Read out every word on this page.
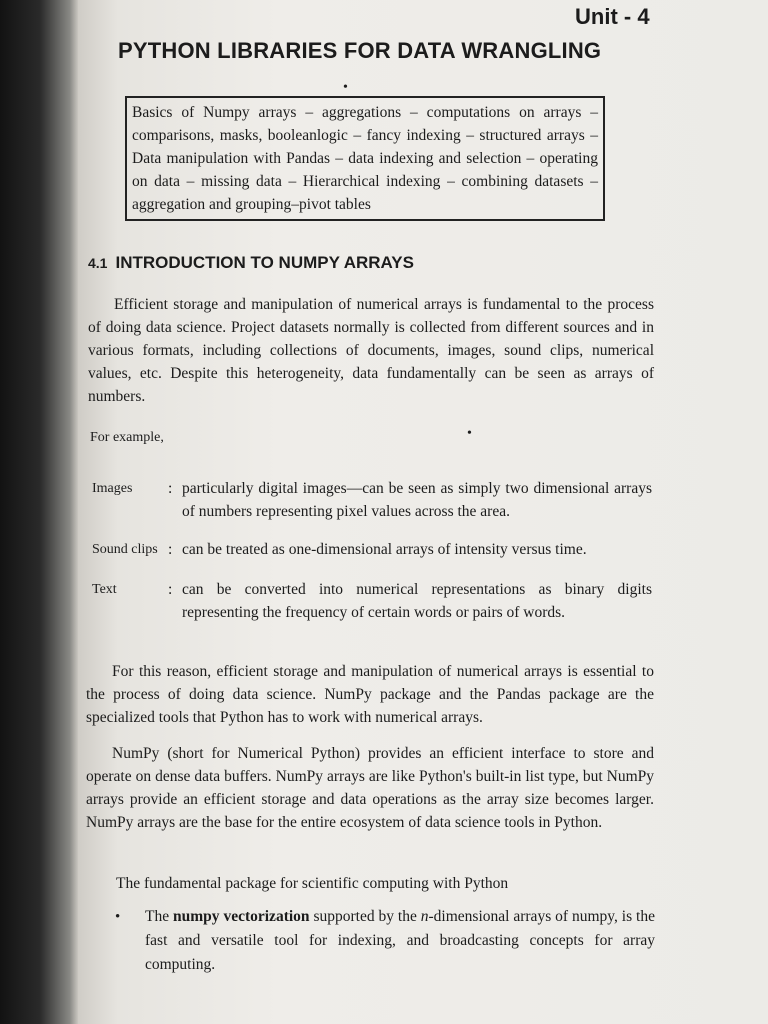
Unit - 4
PYTHON LIBRARIES FOR DATA WRANGLING
•
Basics of Numpy arrays – aggregations – computations on arrays – comparisons, masks, booleanlogic – fancy indexing – structured arrays – Data manipulation with Pandas – data indexing and selection – operating on data – missing data – Hierarchical indexing – combining datasets – aggregation and grouping–pivot tables
4.1 INTRODUCTION TO NUMPY ARRAYS

Efficient storage and manipulation of numerical arrays is fundamental to the process of doing data science. Project datasets normally is collected from different sources and in various formats, including collections of documents, images, sound clips, numerical values, etc. Despite this heterogeneity, data fundamentally can be seen as arrays of numbers.

For example,	•
Images	: particularly digital images—can be seen as simply two dimensional arrays of numbers representing pixel values across the area.
Sound clips : can be treated as one-dimensional arrays of intensity versus time.
Text	: can be converted into numerical representations as binary digits representing the frequency of certain words or pairs of words.

For this reason, efficient storage and manipulation of numerical arrays is essential to the process of doing data science. NumPy package and the Pandas package are the specialized tools that Python has to work with numerical arrays.

NumPy (short for Numerical Python) provides an efficient interface to store and operate on dense data buffers. NumPy arrays are like Python's built-in list type, but NumPy arrays provide an efficient storage and data operations as the array size becomes larger. NumPy arrays are the base for the entire ecosystem of data science tools in Python.

The fundamental package for scientific computing with Python
• The numpy vectorization supported by the n-dimensional arrays of numpy, is the fast and versatile tool for indexing, and broadcasting concepts for array computing.
